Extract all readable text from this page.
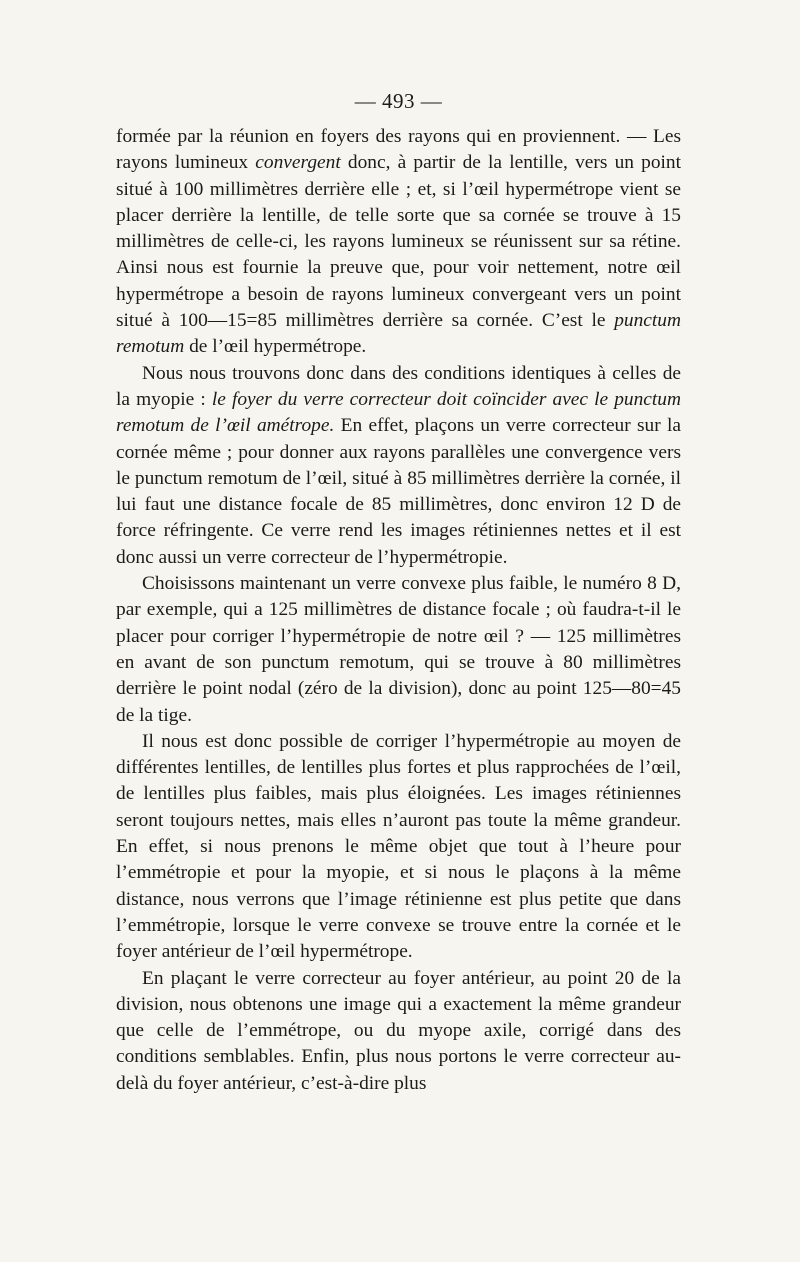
— 493 —

formée par la réunion en foyers des rayons qui en proviennent. — Les rayons lumineux convergent donc, à partir de la lentille, vers un point situé à 100 millimètres derrière elle ; et, si l’œil hypermétrope vient se placer derrière la lentille, de telle sorte que sa cornée se trouve à 15 millimètres de celle-ci, les rayons lumineux se réunissent sur sa rétine. Ainsi nous est fournie la preuve que, pour voir nettement, notre œil hypermétrope a besoin de rayons lumineux convergeant vers un point situé à 100—15=85 millimètres derrière sa cornée. C’est le punctum remotum de l’œil hypermétrope.

Nous nous trouvons donc dans des conditions identiques à celles de la myopie : le foyer du verre correcteur doit coïncider avec le punctum remotum de l’œil amétrope. En effet, plaçons un verre correcteur sur la cornée même ; pour donner aux rayons parallèles une convergence vers le punctum remotum de l’œil, situé à 85 millimètres derrière la cornée, il lui faut une distance focale de 85 millimètres, donc environ 12 D de force réfringente. Ce verre rend les images rétiniennes nettes et il est donc aussi un verre correcteur de l’hypermétropie.

Choisissons maintenant un verre convexe plus faible, le numéro 8 D, par exemple, qui a 125 millimètres de distance focale ; où faudra-t-il le placer pour corriger l’hypermétropie de notre œil ? — 125 millimètres en avant de son punctum remotum, qui se trouve à 80 millimètres derrière le point nodal (zéro de la division), donc au point 125—80=45 de la tige.

Il nous est donc possible de corriger l’hypermétropie au moyen de différentes lentilles, de lentilles plus fortes et plus rapprochées de l’œil, de lentilles plus faibles, mais plus éloignées. Les images rétiniennes seront toujours nettes, mais elles n’auront pas toute la même grandeur. En effet, si nous prenons le même objet que tout à l’heure pour l’emmétropie et pour la myopie, et si nous le plaçons à la même distance, nous verrons que l’image rétinienne est plus petite que dans l’emmétropie, lorsque le verre convexe se trouve entre la cornée et le foyer antérieur de l’œil hypermétrope.

En plaçant le verre correcteur au foyer antérieur, au point 20 de la division, nous obtenons une image qui a exactement la même grandeur que celle de l’emmétrope, ou du myope axile, corrigé dans des conditions semblables. Enfin, plus nous portons le verre correcteur au-delà du foyer antérieur, c’est-à-dire plus
